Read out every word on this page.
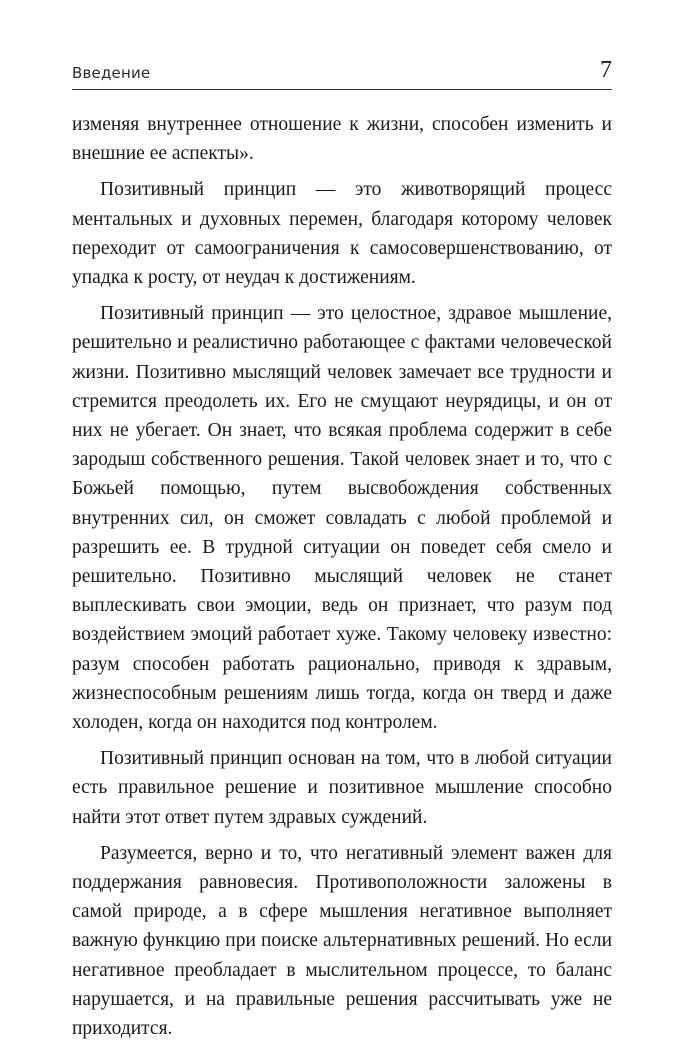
Введение	7

изменяя внутреннее отношение к жизни, способен изменить и внешние ее аспекты».

Позитивный принцип — это животворящий процесс ментальных и духовных перемен, благодаря которому человек переходит от самоограничения к самосовершенствованию, от упадка к росту, от неудач к достижениям.

Позитивный принцип — это целостное, здравое мышление, решительно и реалистично работающее с фактами человеческой жизни. Позитивно мыслящий человек замечает все трудности и стремится преодолеть их. Его не смущают неурядицы, и он от них не убегает. Он знает, что всякая проблема содержит в себе зародыш собственного решения. Такой человек знает и то, что с Божьей помощью, путем высвобождения собственных внутренних сил, он сможет совладать с любой проблемой и разрешить ее. В трудной ситуации он поведет себя смело и решительно. Позитивно мыслящий человек не станет выплескивать свои эмоции, ведь он признает, что разум под воздействием эмоций работает хуже. Такому человеку известно: разум способен работать рационально, приводя к здравым, жизнеспособным решениям лишь тогда, когда он тверд и даже холоден, когда он находится под контролем.

Позитивный принцип основан на том, что в любой ситуации есть правильное решение и позитивное мышление способно найти этот ответ путем здравых суждений.

Разумеется, верно и то, что негативный элемент важен для поддержания равновесия. Противоположности заложены в самой природе, а в сфере мышления негативное выполняет важную функцию при поиске альтернативных решений. Но если негативное преобладает в мыслительном процессе, то баланс нарушается, и на правильные решения рассчитывать уже не приходится.
